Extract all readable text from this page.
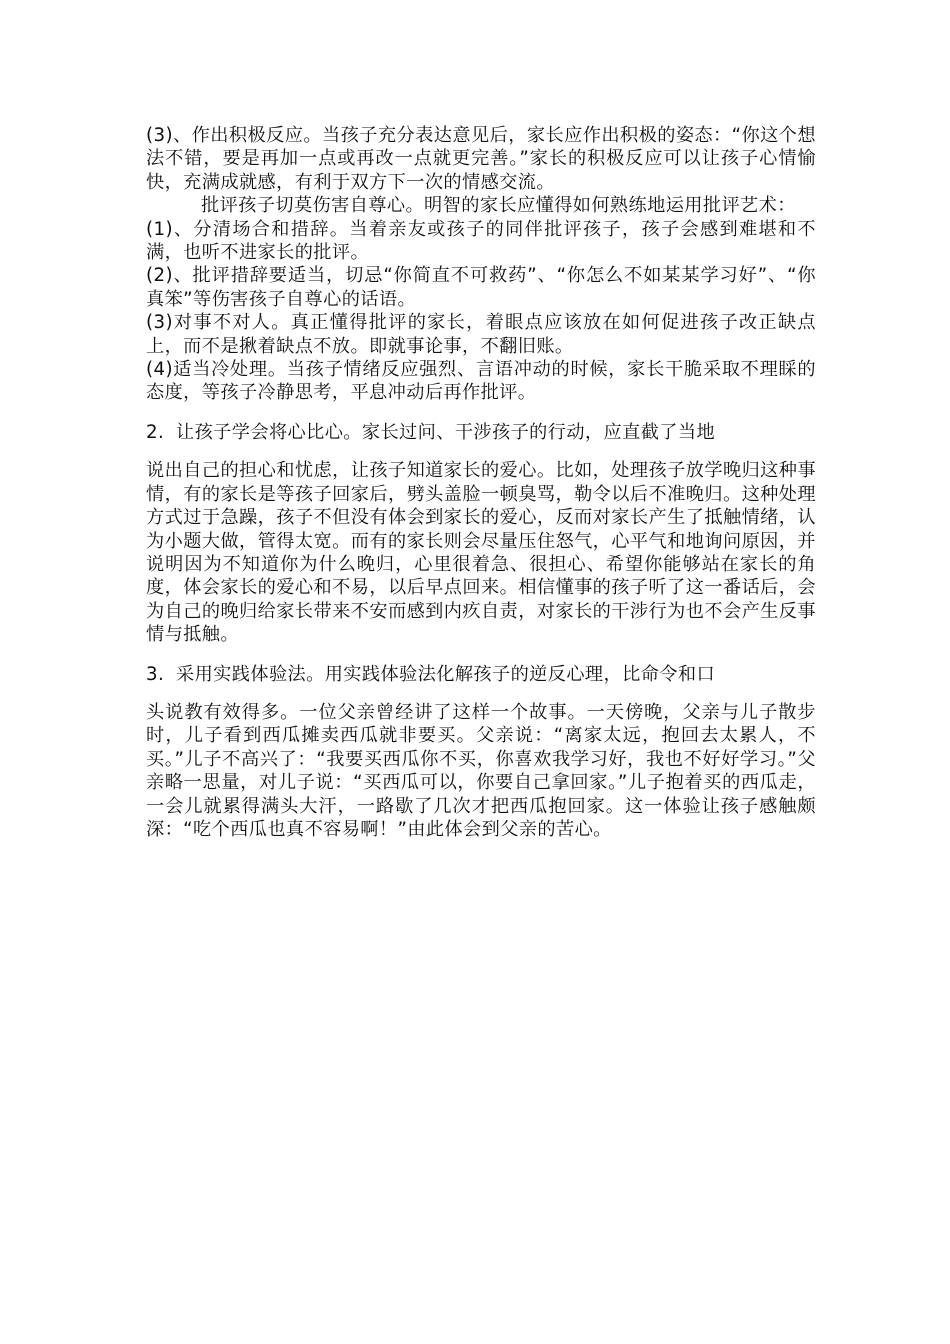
(3)、作出积极反应。当孩子充分表达意见后，家长应作出积极的姿态：“你这个想法不错，要是再加一点或再改一点就更完善。”家长的积极反应可以让孩子心情愉快，充满成就感，有利于双方下一次的情感交流。

批评孩子切莫伤害自尊心。明智的家长应懂得如何熟练地运用批评艺术：

(1)、分清场合和措辞。当着亲友或孩子的同伴批评孩子，孩子会感到难堪和不满，也听不进家长的批评。

(2)、批评措辞要适当，切忌“你简直不可救药”、“你怎么不如某某学习好”、“你真笨”等伤害孩子自尊心的话语。

(3)对事不对人。真正懂得批评的家长，着眼点应该放在如何促进孩子改正缺点上，而不是揪着缺点不放。即就事论事，不翻旧账。

(4)适当冷处理。当孩子情绪反应强烈、言语冲动的时候，家长干脆采取不理睬的态度，等孩子冷静思考，平息冲动后再作批评。

2. 让孩子学会将心比心。家长过问、干涉孩子的行动，应直截了当地

说出自己的担心和忧虑，让孩子知道家长的爱心。比如，处理孩子放学晚归这种事情，有的家长是等孩子回家后，劈头盖脸一顿臭骂，勒令以后不准晚归。这种处理方式过于急躁，孩子不但没有体会到家长的爱心，反而对家长产生了抵触情绪，认为小题大做，管得太宽。而有的家长则会尽量压住怒气，心平气和地询问原因，并说明因为不知道你为什么晚归，心里很着急、很担心、希望你能够站在家长的角度，体会家长的爱心和不易，以后早点回来。相信懂事的孩子听了这一番话后，会为自己的晚归给家长带来不安而感到内疚自责，对家长的干涉行为也不会产生反事情与抵触。

3. 采用实践体验法。用实践体验法化解孩子的逆反心理，比命令和口

头说教有效得多。一位父亲曾经讲了这样一个故事。一天傍晚，父亲与儿子散步时，儿子看到西瓜摊卖西瓜就非要买。父亲说：“离家太远，抱回去太累人，不买。”儿子不高兴了：“我要买西瓜你不买，你喜欢我学习好，我也不好好学习。”父亲略一思量，对儿子说：“买西瓜可以，你要自己拿回家。”儿子抱着买的西瓜走，一会儿就累得满头大汗，一路歇了几次才把西瓜抱回家。这一体验让孩子感触颇深：“吃个西瓜也真不容易啊！”由此体会到父亲的苦心。
